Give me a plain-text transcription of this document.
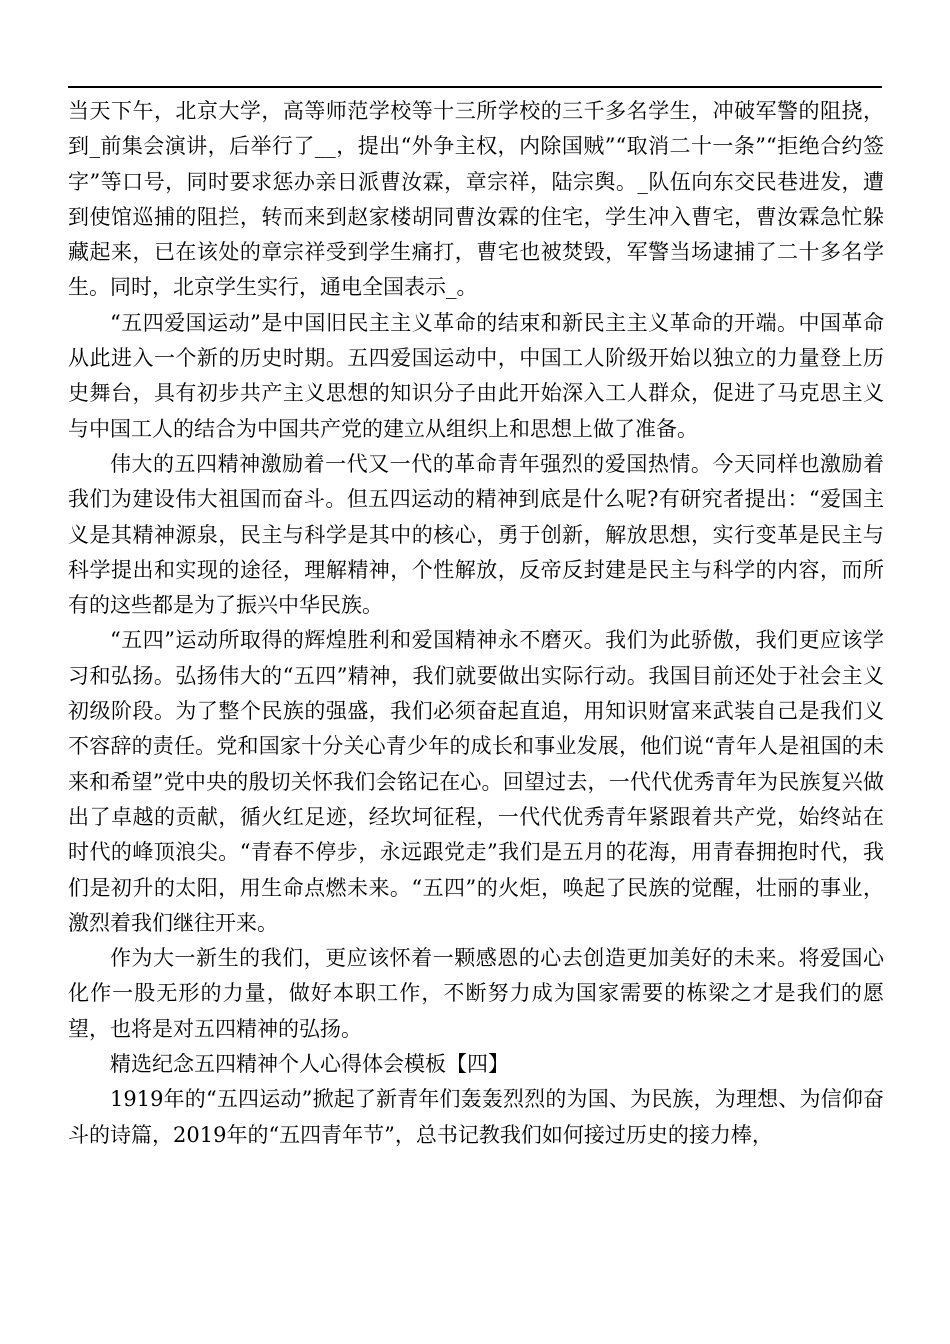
当天下午，北京大学，高等师范学校等十三所学校的三千多名学生，冲破军警的阻挠，到_前集会演讲，后举行了__，提出“外争主权，内除国贼”“取消二十一条”“拒绝合约签字”等口号，同时要求惩办亲日派曹汝霖，章宗祥，陆宗舆。_队伍向东交民巷进发，遭到使馆巡捕的阻拦，转而来到赵家楼胡同曹汝霖的住宅，学生冲入曹宅，曹汝霖急忙躲藏起来，已在该处的章宗祥受到学生痛打，曹宅也被焚毁，军警当场逮捕了二十多名学生。同时，北京学生实行，通电全国表示_。

“五四爱国运动”是中国旧民主主义革命的结束和新民主主义革命的开端。中国革命从此进入一个新的历史时期。五四爱国运动中，中国工人阶级开始以独立的力量登上历史舞台，具有初步共产主义思想的知识分子由此开始深入工人群众，促进了马克思主义与中国工人的结合为中国共产党的建立从组织上和思想上做了准备。

伟大的五四精神激励着一代又一代的革命青年强烈的爱国热情。今天同样也激励着我们为建设伟大祖国而奋斗。但五四运动的精神到底是什么呢?有研究者提出：“爱国主义是其精神源泉，民主与科学是其中的核心，勇于创新，解放思想，实行变革是民主与科学提出和实现的途径，理解精神，个性解放，反帝反封建是民主与科学的内容，而所有的这些都是为了振兴中华民族。

“五四”运动所取得的辉煌胜利和爱国精神永不磨灭。我们为此骄傲，我们更应该学习和弘扬。弘扬伟大的“五四”精神，我们就要做出实际行动。我国目前还处于社会主义初级阶段。为了整个民族的强盛，我们必须奋起直追，用知识财富来武装自己是我们义不容辞的责任。党和国家十分关心青少年的成长和事业发展，他们说“青年人是祖国的未来和希望”党中央的殷切关怀我们会铭记在心。回望过去，一代代优秀青年为民族复兴做出了卓越的贡献，循火红足迹，经坎坷征程，一代代优秀青年紧跟着共产党，始终站在时代的峰顶浪尖。“青春不停步，永远跟党走”我们是五月的花海，用青春拥抱时代，我们是初升的太阳，用生命点燃未来。“五四”的火炬，唤起了民族的觉醒，壮丽的事业，激烈着我们继往开来。

作为大一新生的我们，更应该怀着一颗感恩的心去创造更加美好的未来。将爱国心化作一股无形的力量，做好本职工作，不断努力成为国家需要的栋梁之才是我们的愿望，也将是对五四精神的弘扬。

精选纪念五四精神个人心得体会模板【四】

1919年的“五四运动”掀起了新青年们轰轰烈烈的为国、为民族，为理想、为信仰奋斗的诗篇，2019年的“五四青年节”，总书记教我们如何接过历史的接力棒，
